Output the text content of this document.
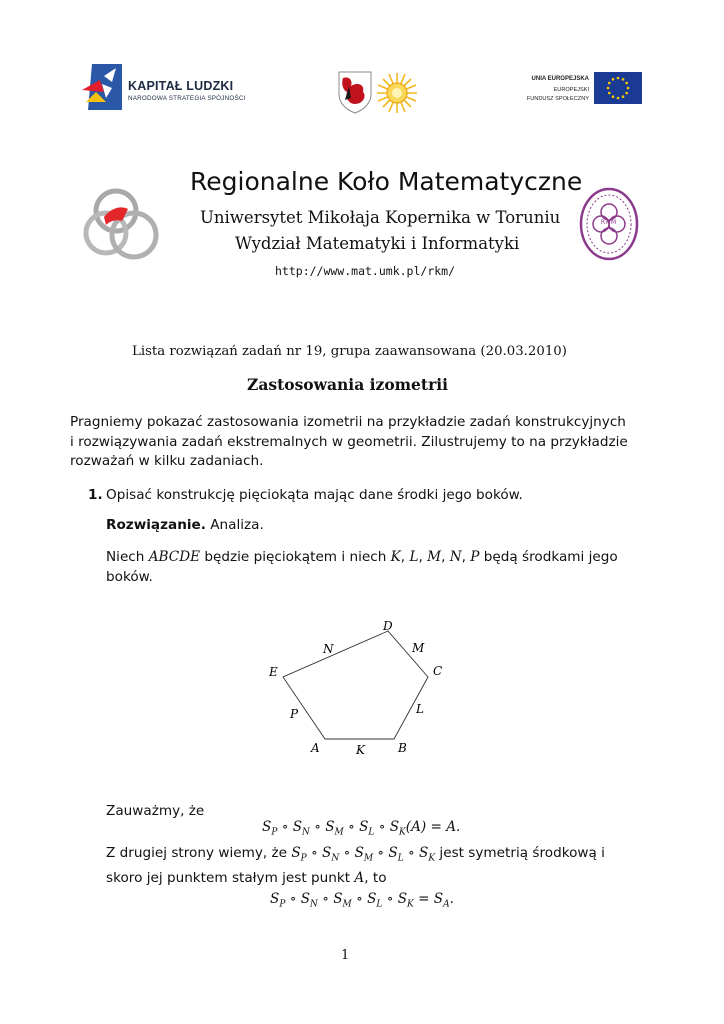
KAPITAŁ LUDZKI
NARODOWA STRATEGIA SPÓJNOŚCI
UNIA EUROPEJSKA
EUROPEJSKI
FUNDUSZ SPOŁECZNY
Regionalne Koło Matematyczne
Uniwersytet Mikołaja Kopernika w Toruniu
Wydział Matematyki i Informatyki
http://www.mat.umk.pl/rkm/
RKM
Lista rozwiązań zadań nr 19, grupa zaawansowana (20.03.2010)
Zastosowania izometrii
Pragniemy pokazać zastosowania izometrii na przykładzie zadań konstrukcyjnych
i rozwiązywania zadań ekstremalnych w geometrii. Zilustrujemy to na przykładzie
rozważań w kilku zadaniach.
1. Opisać konstrukcję pięciokąta mając dane środki jego boków.
Rozwiązanie. Analiza.
Niech ABCDE będzie pięciokątem i niech K, L, M, N, P będą środkami jego
boków.
A	B
C
D
E
K
L
M
N
P
Zauważmy, że
$S_P$ ∘ $S_N$ ∘ $S_M$ ∘ $S_L$ ∘ $S_K(A) = A$.
Z drugiej strony wiemy, że $S_P$ ∘ $S_N$ ∘ $S_M$ ∘ $S_L$ ∘ $S_K$ jest symetrią środkową i
skoro jej punktem stałym jest punkt A, to
$S_P$ ∘ $S_N$ ∘ $S_M$ ∘ $S_L$ ∘ $S_K = S_A$.
1
